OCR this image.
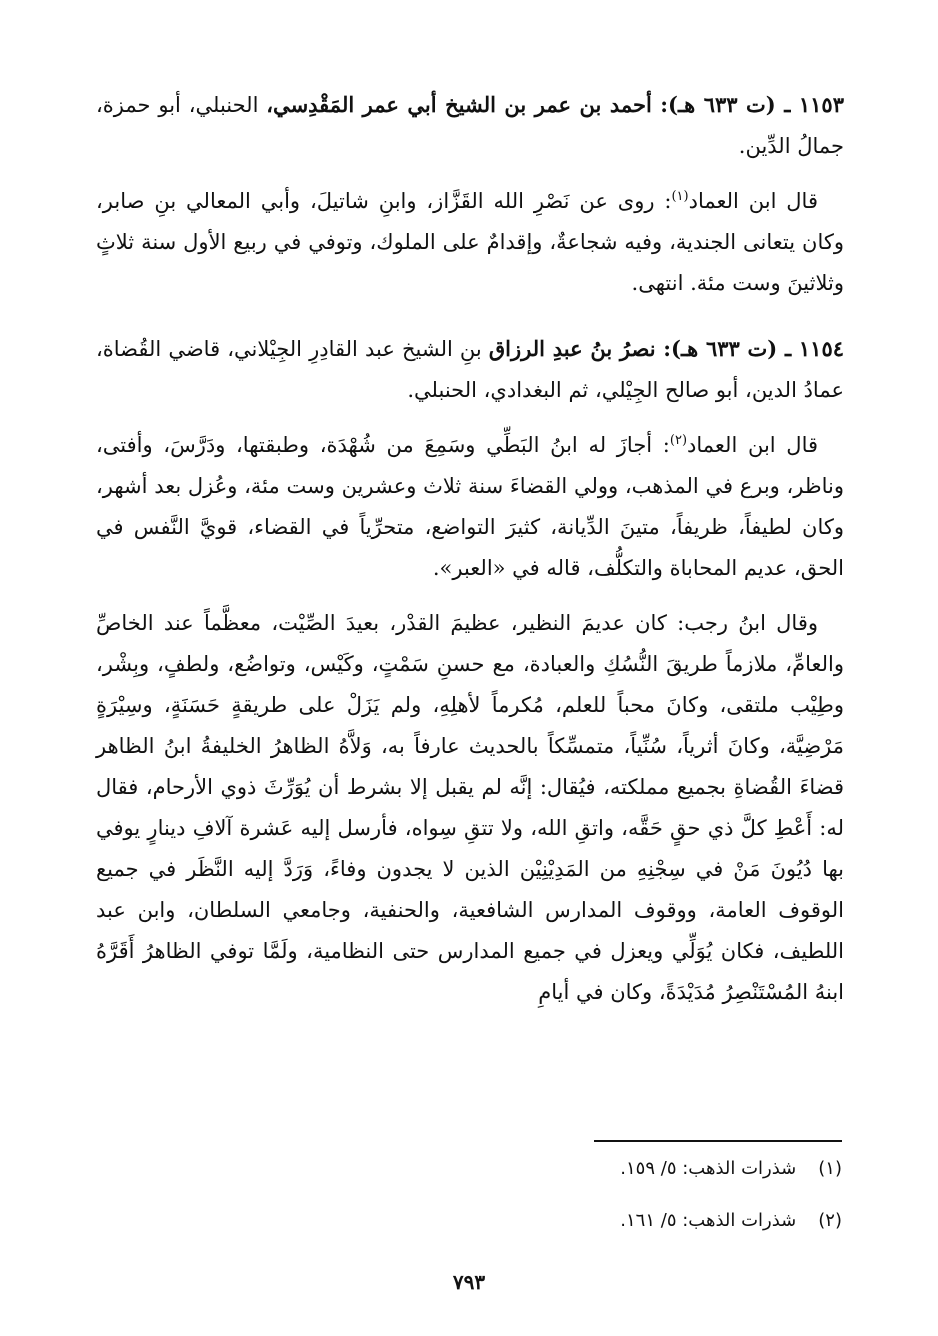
١١٥٣ ـ (ت ٦٣٣ هـ): أحمد بن عمر بن الشيخ أبي عمر المَقْدِسي، الحنبلي، أبو حمزة، جمالُ الدِّين.

قال ابن العماد$^{(١)}$: روى عن نَصْرِ الله القَزَّاز، وابنِ شاتيلَ، وأبي المعالي بنِ صابر، وكان يتعانى الجندية، وفيه شجاعةٌ، وإقدامٌ على الملوك، وتوفي في ربيع الأول سنة ثلاثٍ وثلاثينَ وست مئة. انتهى.

١١٥٤ ـ (ت ٦٣٣ هـ): نصرُ بنُ عبدِ الرزاق بنِ الشيخ عبد القادِرِ الجِيْلاني، قاضي القُضاة، عمادُ الدين، أبو صالح الجِيْلي، ثم البغدادي، الحنبلي.

قال ابن العماد$^{(٢)}$: أجازَ له ابنُ البَطِّي وسَمِعَ من شُهْدَة، وطبقتها، ودَرَّسَ، وأفتى، وناظر، وبرع في المذهب، وولي القضاءَ سنة ثلاث وعشرين وست مئة، وعُزل بعد أشهر، وكان لطيفاً، ظريفاً، متينَ الدِّيانة، كثيرَ التواضع، متحرِّياً في القضاء، قويَّ النَّفس في الحق، عديم المحاباة والتكلُّف، قاله في «العبر».

وقال ابنُ رجب: كان عديمَ النظير، عظيمَ القدْر، بعيدَ الصِّيْت، معظَّماً عند الخاصِّ والعامِّ، ملازماً طريقَ النُّسُكِ والعبادة، مع حسنِ سَمْتٍ، وكَيْس، وتواضُع، ولطفٍ، وبِشْر، وطِيْب ملتقى، وكانَ محباً للعلم، مُكرماً لأهلِهِ، ولم يَزَلْ على طريقةٍ حَسَنَةٍ، وسِيْرَةٍ مَرْضِيَّة، وكانَ أثرياً، سُنِّياً، متمسِّكاً بالحديث عارفاً به، وَلاَّهُ الظاهرُ الخليفةُ ابنُ الظاهر قضاءَ القُضاةِ بجميع مملكته، فيُقال: إنَّه لم يقبل إلا بشرط أن يُوَرِّثَ ذوي الأرحام، فقال له: أَعْطِ كلَّ ذي حقٍ حَقَّه، واتقِ الله، ولا تتقِ سِواه، فأرسل إليه عَشرة آلافِ دينارٍ يوفي بها دُيُونَ مَنْ في سِجْنِهِ من المَدِيْنِيْن الذين لا يجدون وفاءً، وَرَدَّ إليه النَّظَر في جميع الوقوف العامة، ووقوف المدارس الشافعية، والحنفية، وجامعي السلطان، وابن عبد اللطيف، فكان يُوَلِّي ويعزل في جميع المدارس حتى النظامية، ولَمَّا توفي الظاهرُ أَقَرَّهُ ابنهُ المُسْتَنْصِرُ مُدَيْدَةً، وكان في أيامِ

(١)شذرات الذهب: ٥/ ١٥٩.

(٢)شذرات الذهب: ٥/ ١٦١.

٧٩٣
